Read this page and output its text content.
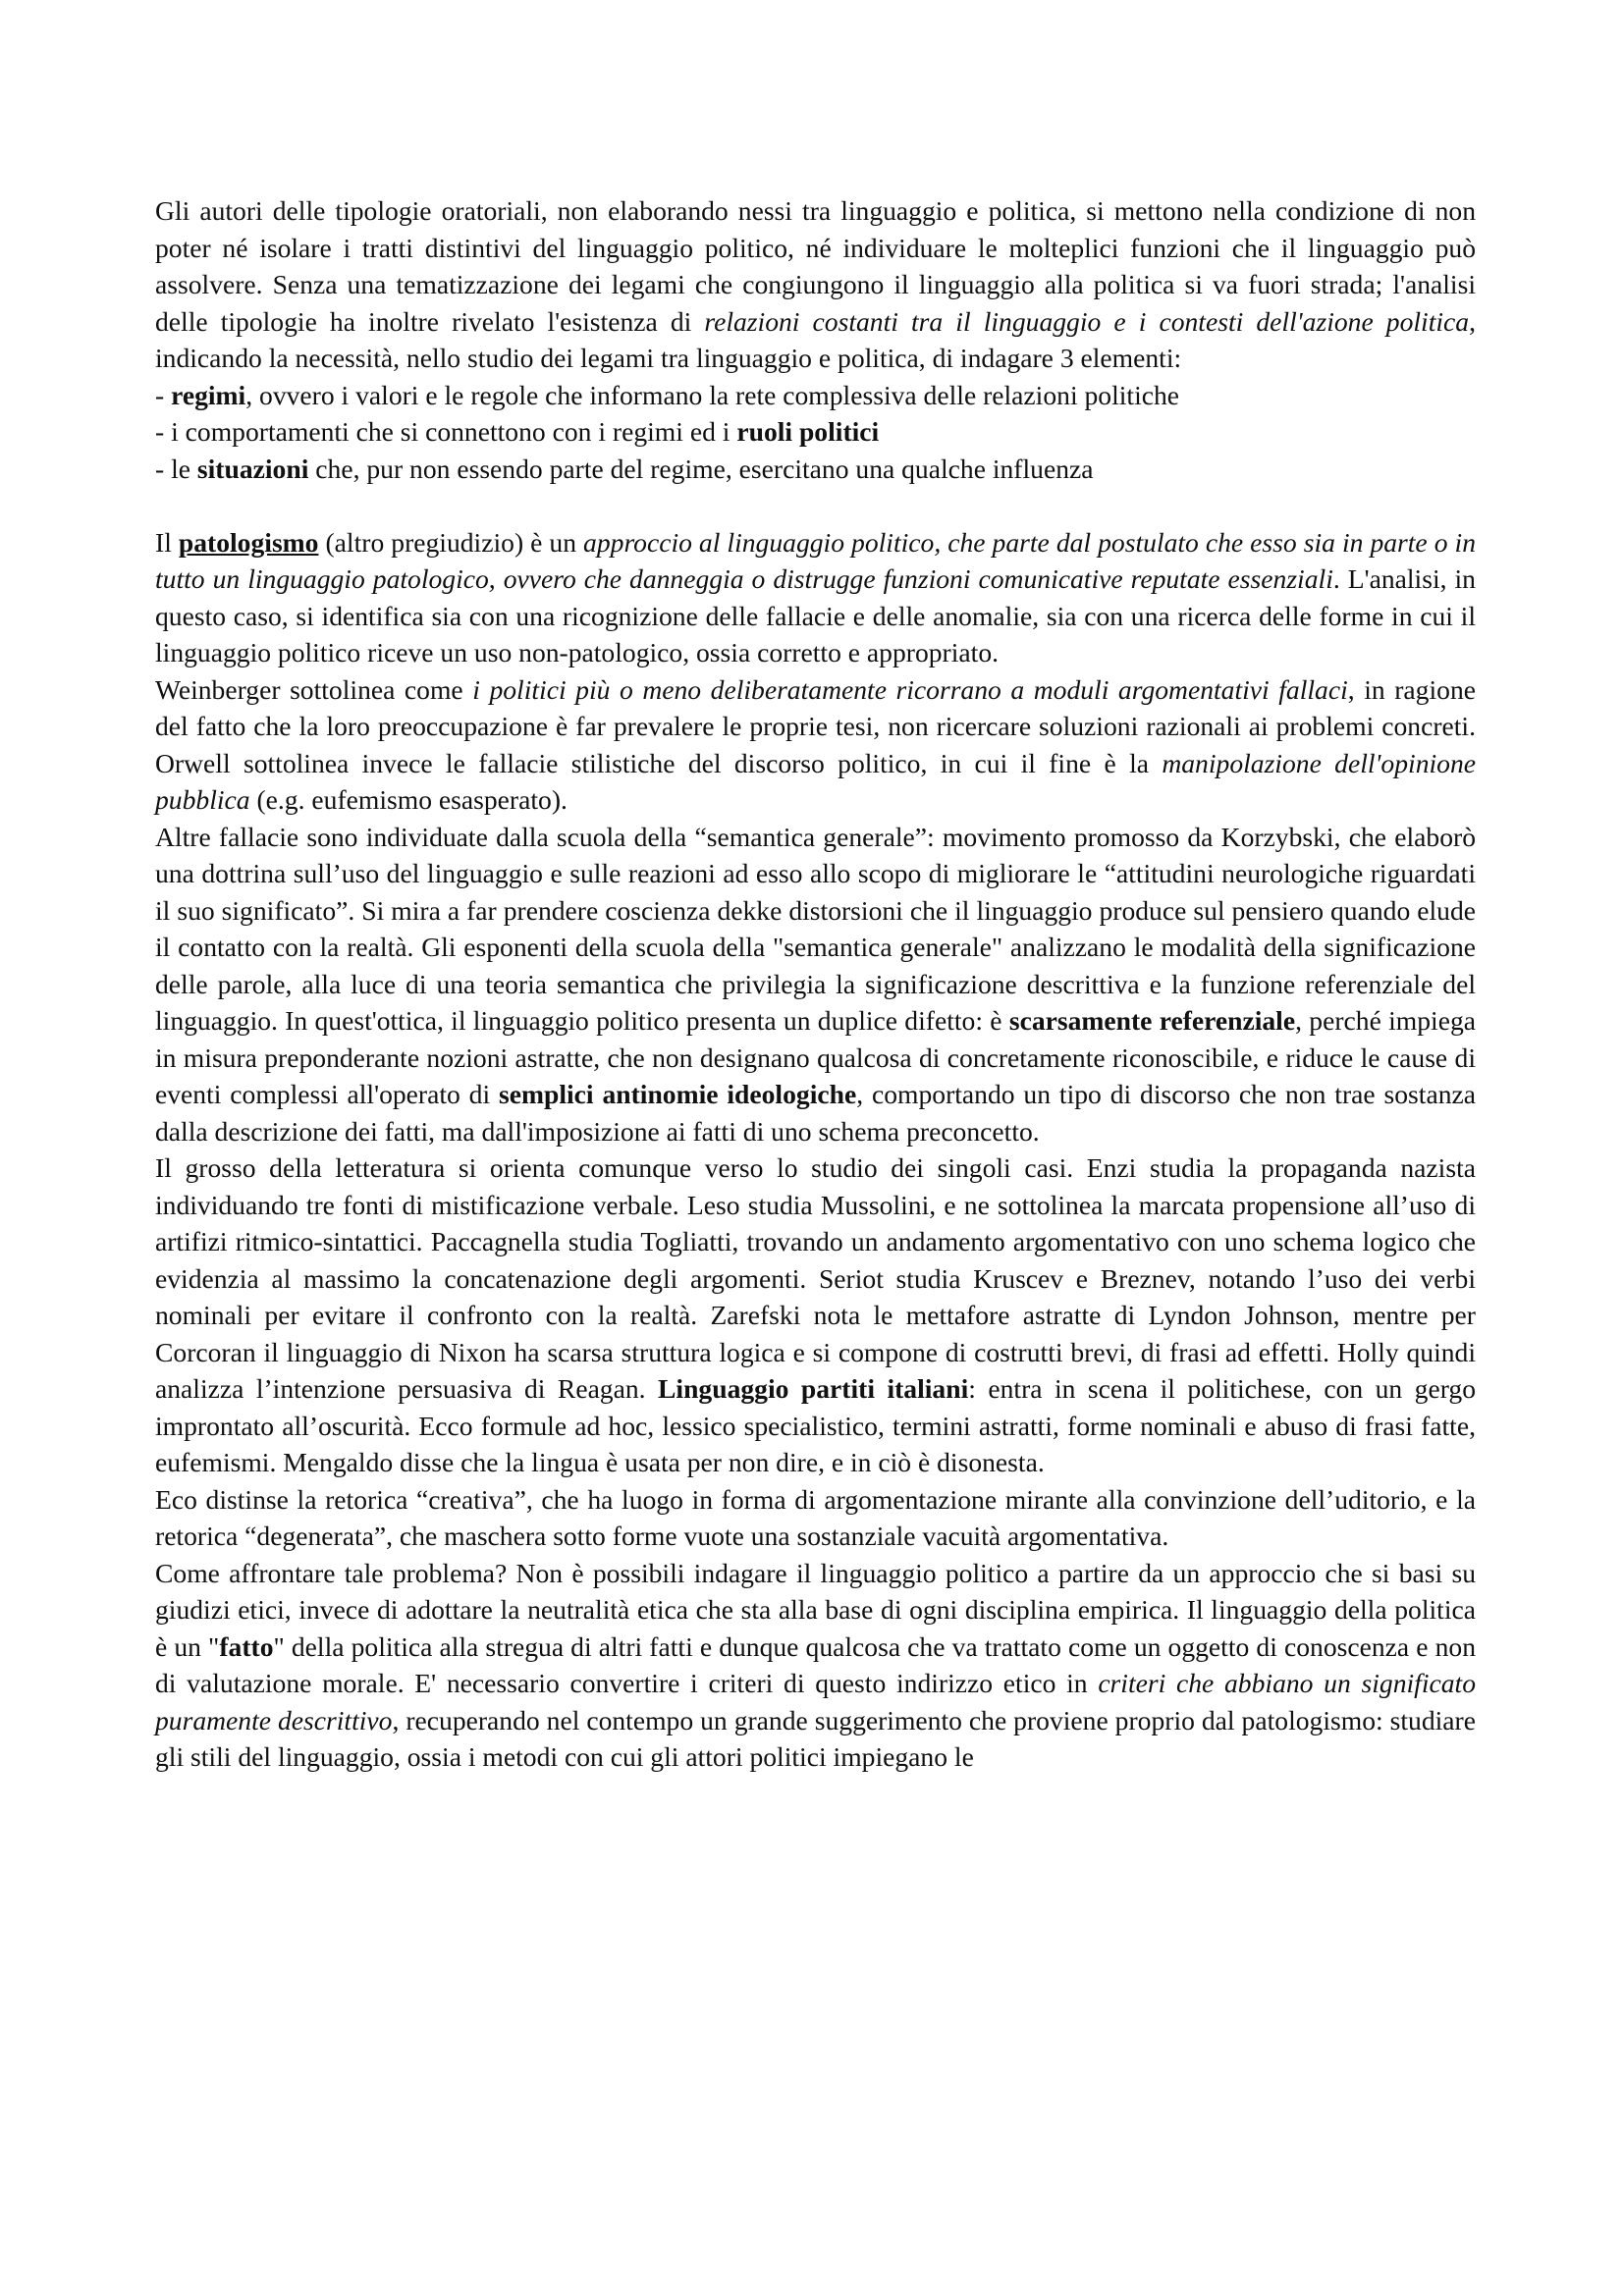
Gli autori delle tipologie oratoriali, non elaborando nessi tra linguaggio e politica, si mettono nella condizione di non poter né isolare i tratti distintivi del linguaggio politico, né individuare le molteplici funzioni che il linguaggio può assolvere. Senza una tematizzazione dei legami che congiungono il linguaggio alla politica si va fuori strada; l'analisi delle tipologie ha inoltre rivelato l'esistenza di relazioni costanti tra il linguaggio e i contesti dell'azione politica, indicando la necessità, nello studio dei legami tra linguaggio e politica, di indagare 3 elementi:

- regimi, ovvero i valori e le regole che informano la rete complessiva delle relazioni politiche

- i comportamenti che si connettono con i regimi ed i ruoli politici

- le situazioni che, pur non essendo parte del regime, esercitano una qualche influenza

Il patologismo (altro pregiudizio) è un approccio al linguaggio politico, che parte dal postulato che esso sia in parte o in tutto un linguaggio patologico, ovvero che danneggia o distrugge funzioni comunicative reputate essenziali. L'analisi, in questo caso, si identifica sia con una ricognizione delle fallacie e delle anomalie, sia con una ricerca delle forme in cui il linguaggio politico riceve un uso non-patologico, ossia corretto e appropriato.

Weinberger sottolinea come i politici più o meno deliberatamente ricorrano a moduli argomentativi fallaci, in ragione del fatto che la loro preoccupazione è far prevalere le proprie tesi, non ricercare soluzioni razionali ai problemi concreti. Orwell sottolinea invece le fallacie stilistiche del discorso politico, in cui il fine è la manipolazione dell'opinione pubblica (e.g. eufemismo esasperato).

Altre fallacie sono individuate dalla scuola della “semantica generale”: movimento promosso da Korzybski, che elaborò una dottrina sull’uso del linguaggio e sulle reazioni ad esso allo scopo di migliorare le “attitudini neurologiche riguardati il suo significato”. Si mira a far prendere coscienza dekke distorsioni che il linguaggio produce sul pensiero quando elude il contatto con la realtà. Gli esponenti della scuola della "semantica generale" analizzano le modalità della significazione delle parole, alla luce di una teoria semantica che privilegia la significazione descrittiva e la funzione referenziale del linguaggio. In quest'ottica, il linguaggio politico presenta un duplice difetto: è scarsamente referenziale, perché impiega in misura preponderante nozioni astratte, che non designano qualcosa di concretamente riconoscibile, e riduce le cause di eventi complessi all'operato di semplici antinomie ideologiche, comportando un tipo di discorso che non trae sostanza dalla descrizione dei fatti, ma dall'imposizione ai fatti di uno schema preconcetto.

Il grosso della letteratura si orienta comunque verso lo studio dei singoli casi. Enzi studia la propaganda nazista individuando tre fonti di mistificazione verbale. Leso studia Mussolini, e ne sottolinea la marcata propensione all’uso di artifizi ritmico-sintattici. Paccagnella studia Togliatti, trovando un andamento argomentativo con uno schema logico che evidenzia al massimo la concatenazione degli argomenti. Seriot studia Kruscev e Breznev, notando l’uso dei verbi nominali per evitare il confronto con la realtà. Zarefski nota le mettafore astratte di Lyndon Johnson, mentre per Corcoran il linguaggio di Nixon ha scarsa struttura logica e si compone di costrutti brevi, di frasi ad effetti. Holly quindi analizza l’intenzione persuasiva di Reagan. Linguaggio partiti italiani: entra in scena il politichese, con un gergo improntato all’oscurità. Ecco formule ad hoc, lessico specialistico, termini astratti, forme nominali e abuso di frasi fatte, eufemismi. Mengaldo disse che la lingua è usata per non dire, e in ciò è disonesta.

Eco distinse la retorica “creativa”, che ha luogo in forma di argomentazione mirante alla convinzione dell’uditorio, e la retorica “degenerata”, che maschera sotto forme vuote una sostanziale vacuità argomentativa.

Come affrontare tale problema? Non è possibili indagare il linguaggio politico a partire da un approccio che si basi su giudizi etici, invece di adottare la neutralità etica che sta alla base di ogni disciplina empirica. Il linguaggio della politica è un "fatto" della politica alla stregua di altri fatti e dunque qualcosa che va trattato come un oggetto di conoscenza e non di valutazione morale. E' necessario convertire i criteri di questo indirizzo etico in criteri che abbiano un significato puramente descrittivo, recuperando nel contempo un grande suggerimento che proviene proprio dal patologismo: studiare gli stili del linguaggio, ossia i metodi con cui gli attori politici impiegano le
